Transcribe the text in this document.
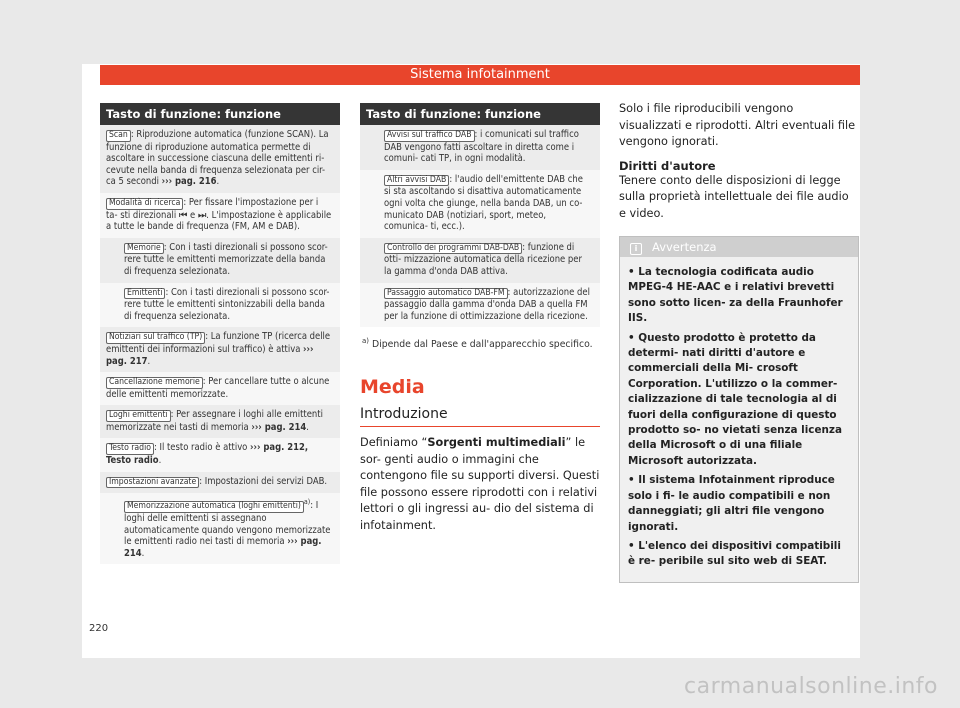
Sistema infotainment
Tasto di funzione: funzione
Scan : Riproduzione automatica (funzione SCAN). La funzione di riproduzione automatica permette di ascoltare in successione ciascuna delle emittenti ri- cevute nella banda di frequenza selezionata per cir- ca 5 secondi ››› pag. 216.
Modalità di ricerca : Per fissare l'impostazione per i ta- sti direzionali ⏮ e ⏭. L'impostazione è applicabile a tutte le bande di frequenza (FM, AM e DAB).
Memorie : Con i tasti direzionali si possono scor- rere tutte le emittenti memorizzate della banda di frequenza selezionata.
Emittenti : Con i tasti direzionali si possono scor- rere tutte le emittenti sintonizzabili della banda di frequenza selezionata.
Notiziari sul traffico (TP) : La funzione TP (ricerca delle emittenti dei informazioni sul traffico) è attiva ››› pag. 217.
Cancellazione memorie : Per cancellare tutte o alcune delle emittenti memorizzate.
Loghi emittenti : Per assegnare i loghi alle emittenti memorizzate nei tasti di memoria ››› pag. 214.
Testo radio : Il testo radio è attivo ››› pag. 212, Testo radio.
Impostazioni avanzate : Impostazioni dei servizi DAB.
Memorizzazione automatica (loghi emittenti) $^{a)}$: I loghi delle emittenti si assegnano automaticamente quando vengono memorizzate le emittenti radio nei tasti di memoria ››› pag. 214.
Tasto di funzione: funzione
Avvisi sul traffico DAB : i comunicati sul traffico DAB vengono fatti ascoltare in diretta come i comuni- cati TP, in ogni modalità.
Altri avvisi DAB : l'audio dell'emittente DAB che si sta ascoltando si disattiva automaticamente ogni volta che giunge, nella banda DAB, un co- municato DAB (notiziari, sport, meteo, comunica- ti, ecc.).
Controllo dei programmi DAB-DAB : funzione di otti- mizzazione automatica della ricezione per la gamma d'onda DAB attiva.
Passaggio automatico DAB-FM : autorizzazione del passaggio dalla gamma d'onda DAB a quella FM per la funzione di ottimizzazione della ricezione.
$^{a)}$ Dipende dal Paese e dall'apparecchio specifico.
Media
Introduzione
Definiamo “Sorgenti multimediali” le sor- genti audio o immagini che contengono file su supporti diversi. Questi file possono essere riprodotti con i relativi lettori o gli ingressi au- dio del sistema di infotainment.
Solo i file riproducibili vengono visualizzati e riprodotti. Altri eventuali file vengono ignorati.
Diritti d'autore
Tenere conto delle disposizioni di legge sulla proprietà intellettuale dei file audio e video.
i Avvertenza

• La tecnologia codificata audio MPEG-4 HE-AAC e i relativi brevetti sono sotto licen- za della Fraunhofer IIS.

• Questo prodotto è protetto da determi- nati diritti d'autore e commerciali della Mi- crosoft Corporation. L'utilizzo o la commer- cializzazione di tale tecnologia al di fuori della configurazione di questo prodotto so- no vietati senza licenza della Microsoft o di una filiale Microsoft autorizzata.

• Il sistema Infotainment riproduce solo i fi- le audio compatibili e non danneggiati; gli altri file vengono ignorati.

• L'elenco dei dispositivi compatibili è re- peribile sul sito web di SEAT.

220
carmanualsonline.info
